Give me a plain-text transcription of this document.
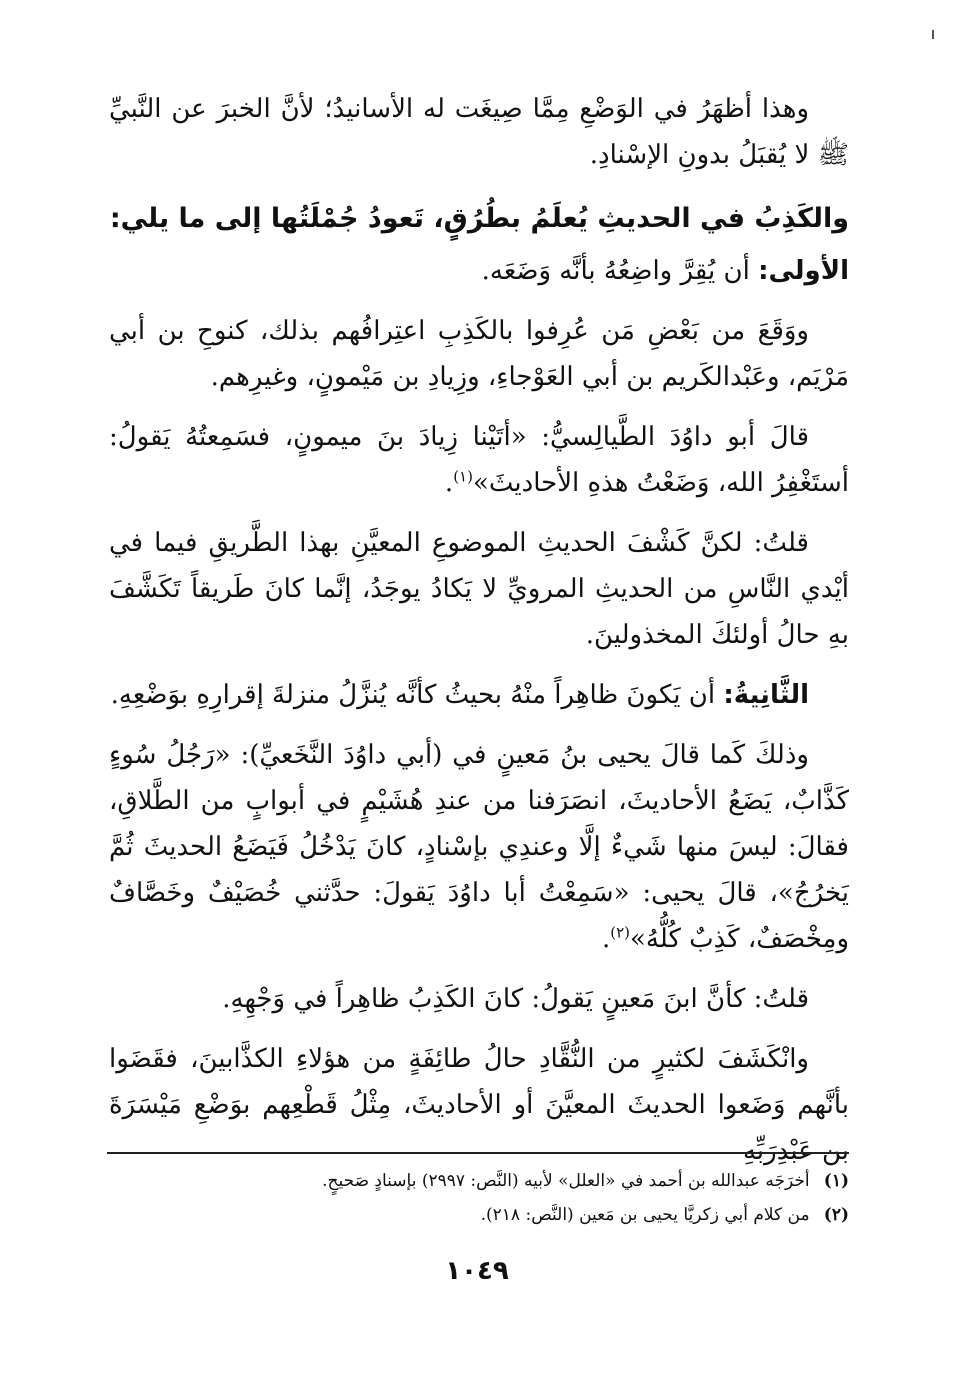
وهذا أظهَرُ في الوَضْعِ مِمَّا صِيغَت له الأسانيدُ؛ لأنَّ الخبرَ عن النَّبيِّ ﷺ لا يُقبَلُ بدونِ الإسْنادِ.

والكَذِبُ في الحديثِ يُعلَمُ بطُرُقٍ، تَعودُ جُمْلَتُها إلى ما يلي:

الأولى: أن يُقِرَّ واضِعُهُ بأنَّه وَضَعَه.

ووَقَعَ من بَعْضِ مَن عُرِفوا بالكَذِبِ اعتِرافُهم بذلك، كنوحِ بن أبي مَرْيَم، وعَبْدالكَريم بن أبي العَوْجاءِ، وزِيادِ بن مَيْمونٍ، وغيرِهم.

قالَ أبو داوُدَ الطَّيالِسيُّ: «أتَيْنا زِيادَ بنَ ميمونٍ، فسَمِعتُهُ يَقولُ: أستَغْفِرُ الله، وَضَعْتُ هذهِ الأحاديثَ»$^{(١)}$.

قلتُ: لكنَّ كَشْفَ الحديثِ الموضوعِ المعيَّنِ بهذا الطَّريقِ فيما في أيْدي النَّاسِ من الحديثِ المرويِّ لا يَكادُ يوجَدُ، إنَّما كانَ طَريقاً تَكَشَّفَ بهِ حالُ أولئكَ المخذولينَ.

الثَّانِيةُ: أن يَكونَ ظاهِراً منْهُ بحيثُ كأنَّه يُنزَّلُ منزلةَ إقرارِهِ بوَضْعِهِ.

وذلكَ كَما قالَ يحيى بنُ مَعينٍ في (أبي داوُدَ النَّخَعيِّ): «رَجُلُ سُوءٍ كَذَّابٌ، يَضَعُ الأحاديثَ، انصَرَفنا من عندِ هُشَيْمٍ في أبوابٍ من الطَّلاقِ، فقالَ: ليسَ منها شَيءٌ إلَّا وعندِي بإسْنادٍ، كانَ يَدْخُلُ فَيَضَعُ الحديثَ ثُمَّ يَخرُجُ»، قالَ يحيى: «سَمِعْتُ أبا داوُدَ يَقولَ: حدَّثني خُصَيْفٌ وخَصَّافٌ ومِخْصَفٌ، كَذِبٌ كُلُّهُ»$^{(٢)}$.

قلتُ: كأنَّ ابنَ مَعينٍ يَقولُ: كانَ الكَذِبُ ظاهِراً في وَجْهِهِ.

وانْكَشَفَ لكثيرٍ من النُّقَّادِ حالُ طائِفَةٍ من هؤلاءِ الكذَّابينَ، فقَضَوا بأنَّهم وَضَعوا الحديثَ المعيَّنَ أو الأحاديثَ، مِثْلُ قَطْعِهم بوَضْعِ مَيْسَرَةَ بن عَبْدِرَبِّهِ

(١) أخرَجَه عبدالله بن أحمد في «العلل» لأبيه (النَّص: ٢٩٩٧) بإسنادٍ صَحيحٍ.

(٢) من كلام أبي زكريَّا يحيى بن مَعين (النَّص: ٢١٨).

١٠٤٩
